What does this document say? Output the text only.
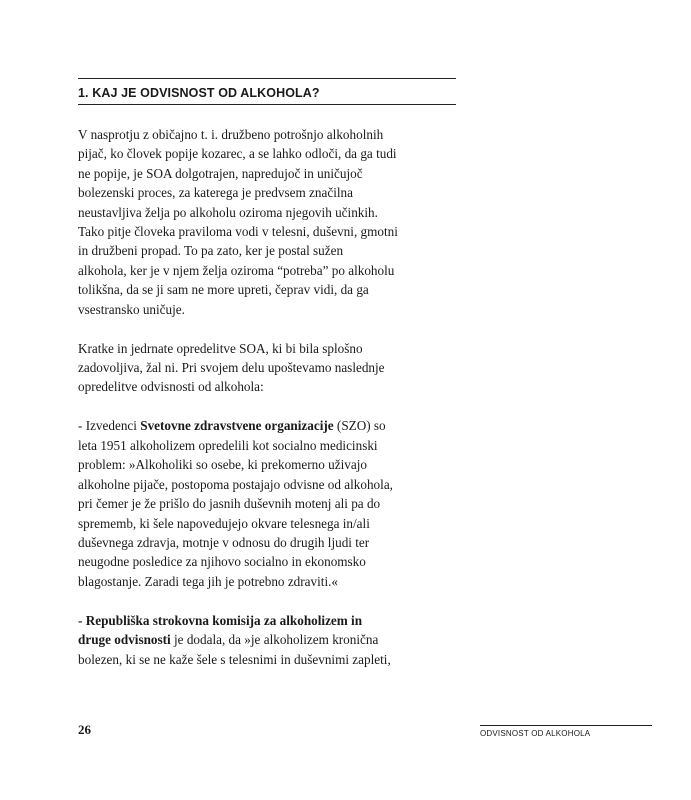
1. KAJ JE ODVISNOST OD ALKOHOLA?

V nasprotju z običajno t. i. družbeno potrošnjo alkoholnih
pijač, ko človek popije kozarec, a se lahko odloči, da ga tudi
ne popije, je SOA dolgotrajen, napredujoč in uničujoč
bolezenski proces, za katerega je predvsem značilna
neustavljiva želja po alkoholu oziroma njegovih učinkih.
Tako pitje človeka praviloma vodi v telesni, duševni, gmotni
in družbeni propad. To pa zato, ker je postal sužen
alkohola, ker je v njem želja oziroma “potreba” po alkoholu
tolikšna, da se ji sam ne more upreti, čeprav vidi, da ga
vsestransko uničuje.

Kratke in jedrnate opredelitve SOA, ki bi bila splošno
zadovoljiva, žal ni. Pri svojem delu upoštevamo naslednje
opredelitve odvisnosti od alkohola:

- Izvedenci Svetovne zdravstvene organizacije (SZO) so
leta 1951 alkoholizem opredelili kot socialno medicinski
problem: »Alkoholiki so osebe, ki prekomerno uživajo
alkoholne pijače, postopoma postajajo odvisne od alkohola,
pri čemer je že prišlo do jasnih duševnih motenj ali pa do
sprememb, ki šele napovedujejo okvare telesnega in/ali
duševnega zdravja, motnje v odnosu do drugih ljudi ter
neugodne posledice za njihovo socialno in ekonomsko
blagostanje. Zaradi tega jih je potrebno zdraviti.«

- Republiška strokovna komisija za alkoholizem in
druge odvisnosti je dodala, da »je alkoholizem kronična
bolezen, ki se ne kaže šele s telesnimi in duševnimi zapleti,

26	ODVISNOST OD ALKOHOLA
